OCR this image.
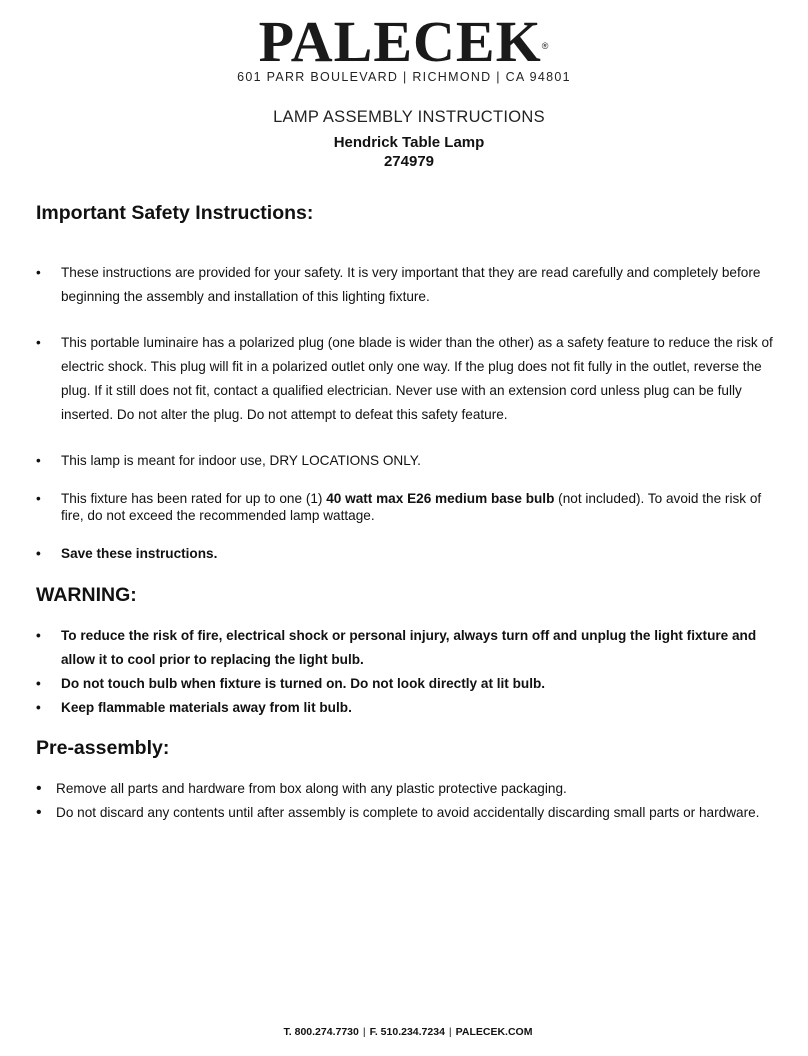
PALECEK®
601 PARR BOULEVARD | RICHMOND | CA 94801
LAMP ASSEMBLY INSTRUCTIONS
Hendrick Table Lamp
274979
Important Safety Instructions:
• These instructions are provided for your safety. It is very important that they are read carefully and completely before beginning the assembly and installation of this lighting fixture.
• This portable luminaire has a polarized plug (one blade is wider than the other) as a safety feature to reduce the risk of electric shock. This plug will fit in a polarized outlet only one way. If the plug does not fit fully in the outlet, reverse the plug. If it still does not fit, contact a qualified electrician. Never use with an extension cord unless plug can be fully inserted. Do not alter the plug. Do not attempt to defeat this safety feature.
• This lamp is meant for indoor use, DRY LOCATIONS ONLY.
• This fixture has been rated for up to one (1) 40 watt max E26 medium base bulb (not included). To avoid the risk of fire, do not exceed the recommended lamp wattage.
• Save these instructions.
WARNING:
• To reduce the risk of fire, electrical shock or personal injury, always turn off and unplug the light fixture and allow it to cool prior to replacing the light bulb.
• Do not touch bulb when fixture is turned on. Do not look directly at lit bulb.
• Keep flammable materials away from lit bulb.
Pre-assembly:
• Remove all parts and hardware from box along with any plastic protective packaging.
• Do not discard any contents until after assembly is complete to avoid accidentally discarding small parts or hardware.
T. 800.274.7730 | F. 510.234.7234 | PALECEK.COM
